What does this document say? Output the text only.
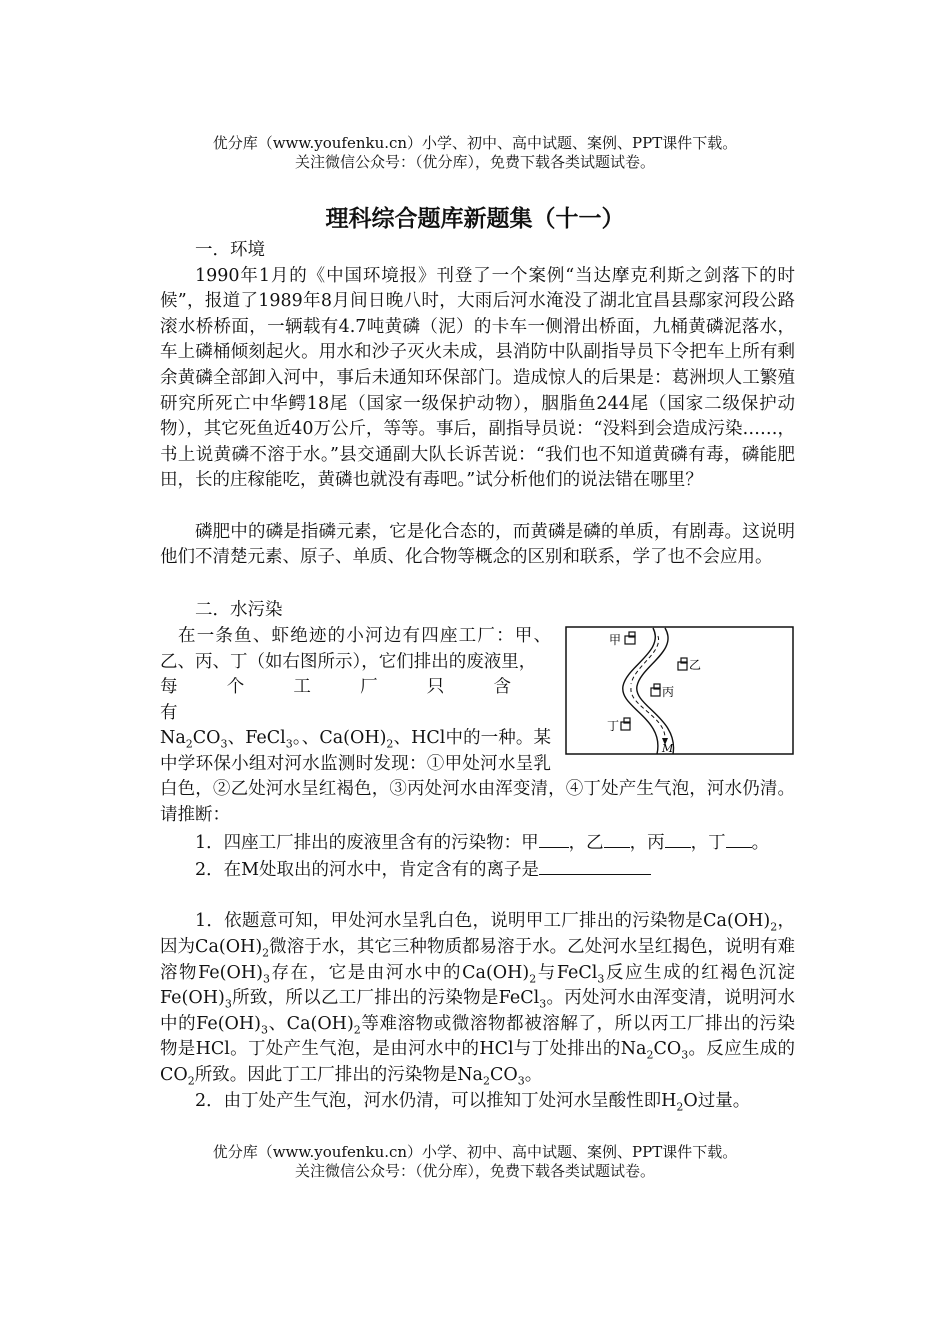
优分库（www.youfenku.cn）小学、初中、高中试题、案例、PPT课件下载。
关注微信公众号：（优分库），免费下载各类试题试卷。
理科综合题库新题集（十一）

一．环境

1990年1月的《中国环境报》刊登了一个案例“当达摩克利斯之剑落下的时候”，报道了1989年8月间日晚八时，大雨后河水淹没了湖北宜昌县鄢家河段公路滚水桥桥面，一辆载有4.7吨黄磷（泥）的卡车一侧滑出桥面，九桶黄磷泥落水，车上磷桶倾刻起火。用水和沙子灭火未成，县消防中队副指导员下令把车上所有剩余黄磷全部卸入河中，事后未通知环保部门。造成惊人的后果是：葛洲坝人工繁殖研究所死亡中华鳄18尾（国家一级保护动物），胭脂鱼244尾（国家二级保护动物），其它死鱼近40万公斤，等等。事后，副指导员说：“没料到会造成污染……，书上说黄磷不溶于水。”县交通副大队长诉苦说：“我们也不知道黄磷有毒，磷能肥田，长的庄稼能吃，黄磷也就没有毒吧。”试分析他们的说法错在哪里？

磷肥中的磷是指磷元素，它是化合态的，而黄磷是磷的单质，有剧毒。这说明他们不清楚元素、原子、单质、化合物等概念的区别和联系，学了也不会应用。

二．水污染

甲
乙
丙
丁
M

在一条鱼、虾绝迹的小河边有四座工厂：甲、乙、丙、丁（如右图所示），它们排出的废液里，

每个工厂只含有

$Na_2CO_3$、FeCl$_3$。、$Ca(OH)_2$、HCl中的一种。某中学环保小组对河水监测时发现：①甲处河水呈乳白色，②乙处河水呈红褐色，③丙处河水由浑变清，④丁处产生气泡，河水仍清。请推断：

1．四座工厂排出的废液里含有的污染物：甲 ，乙 ，丙 ，丁 。

2．在M处取出的河水中，肯定含有的离子是

1．依题意可知，甲处河水呈乳白色，说明甲工厂排出的污染物是$Ca(OH)_2$，因为$Ca(OH)_2$微溶于水，其它三种物质都易溶于水。乙处河水呈红揭色，说明有难溶物$Fe(OH)_3$存在，它是由河水中的$Ca(OH)_2$与FeCl$_3$反应生成的红褐色沉淀$Fe(OH)_3$所致，所以乙工厂排出的污染物是FeCl$_3$。丙处河水由浑变清，说明河水中的$Fe(OH)_3$、$Ca(OH)_2$等难溶物或微溶物都被溶解了，所以丙工厂排出的污染物是HCl。丁处产生气泡，是由河水中的HCl与丁处排出的$Na_2CO_3$。反应生成的$CO_2$所致。因此丁工厂排出的污染物是$Na_2CO_3$。

2．由丁处产生气泡，河水仍清，可以推知丁处河水呈酸性即$H_2O$过量。

优分库（www.youfenku.cn）小学、初中、高中试题、案例、PPT课件下载。
关注微信公众号：（优分库），免费下载各类试题试卷。
